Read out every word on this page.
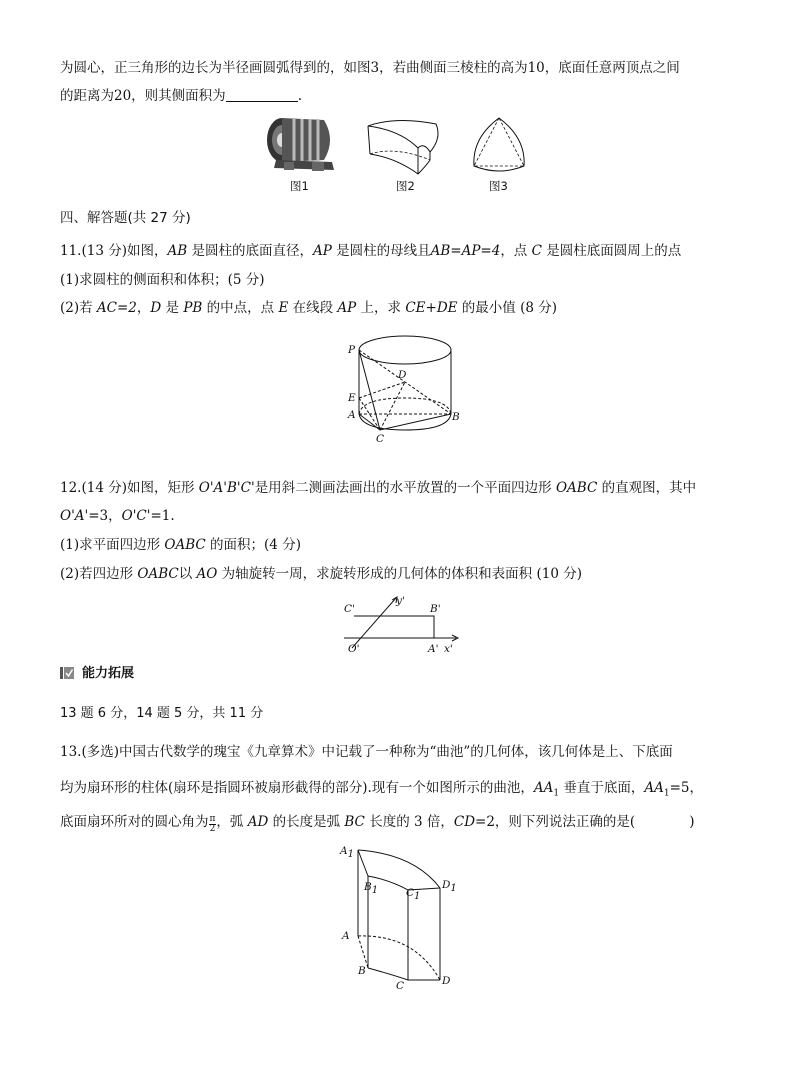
为圆心，正三角形的边长为半径画圆弧得到的，如图3，若曲侧面三棱柱的高为10，底面任意两顶点之间
的距离为20，则其侧面积为	.
图1	图2	图3
四、解答题(共 27 分)
11.(13 分)如图，AB 是圆柱的底面直径，AP 是圆柱的母线且AB=AP=4，点 C 是圆柱底面圆周上的点
(1)求圆柱的侧面积和体积；(5 分)
(2)若 AC=2，D 是 PB 的中点，点 E 在线段 AP 上，求 CE+DE 的最小值 (8 分)
P
D
E
A	B
C
12.(14 分)如图，矩形 O'A'B'C'是用斜二测画法画出的水平放置的一个平面四边形 OABC 的直观图，其中
O'A'=3，O'C'=1.
(1)求平面四边形 OABC 的面积；(4 分)
(2)若四边形 OABC以 AO 为轴旋转一周，求旋转形成的几何体的体积和表面积 (10 分)
C'
y'
B'
O'	A' x'
能力拓展
13 题 6 分，14 题 5 分，共 11 分
13.(多选)中国古代数学的瑰宝《九章算术》中记载了一种称为“曲池”的几何体，该几何体是上、下底面
均为扇环形的柱体(扇环是指圆环被扇形截得的部分).现有一个如图所示的曲池，$AA_1$ 垂直于底面，$AA_1=5$，
底面扇环所对的圆心角为 $\frac{\pi}{2}$ ，弧 AD 的长度是弧 BC 长度的 3 倍，CD=2，则下列说法正确的是(	)
A1
B1	C1
D1
A
B
C	D
